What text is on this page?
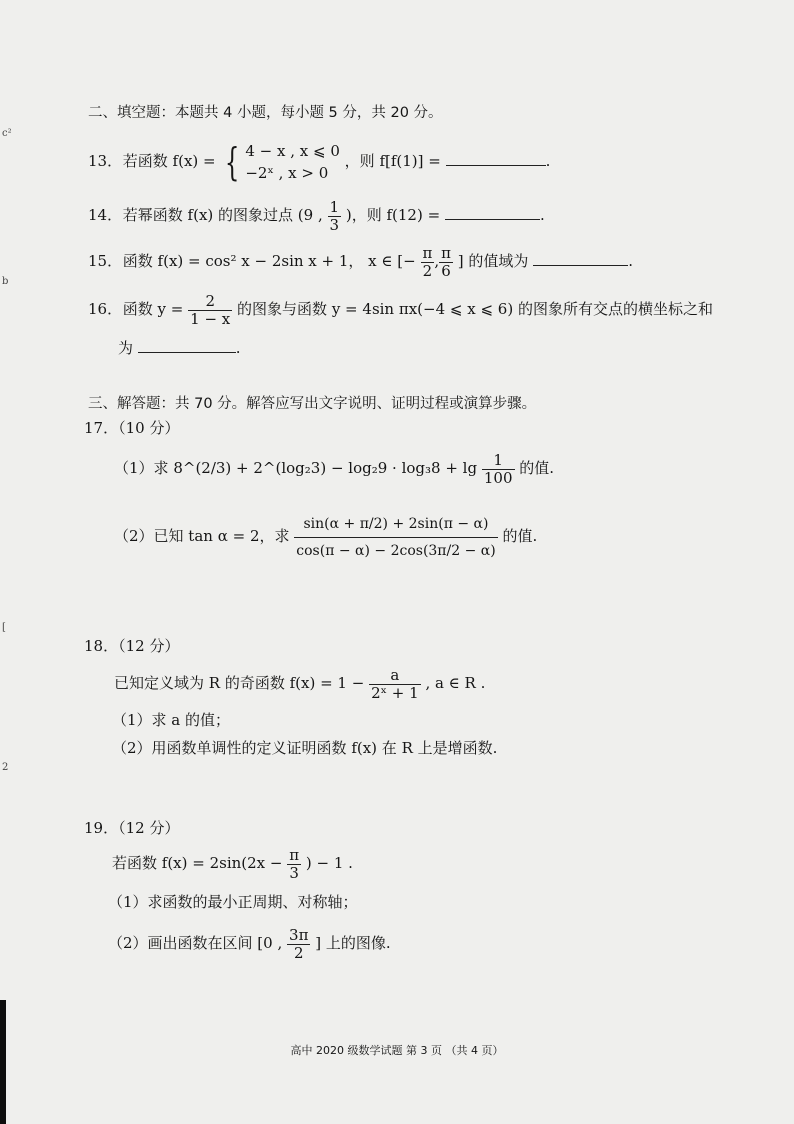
c²
b
[
2
二、填空题：本题共 4 小题，每小题 5 分，共 20 分。
13． 若函数 f(x) = { 4 − x , x ⩽ 0
−2ˣ , x > 0
，则 f[f(1)] =	.
14． 若幂函数 f(x) 的图象过点 (9 , $\frac{1}{3}$ )，则 f(12) =	.
15． 函数 f(x) = cos² x − 2sin x + 1， x ∈ [− $\frac{\pi}{2}$ , $\frac{\pi}{6}$ ] 的值域为	.
16． 函数 $y = \frac{2}{1 - x}$ 的图象与函数 y = 4sin πx(−4 ⩽ x ⩽ 6) 的图象所有交点的横坐标之和
为	.
三、解答题：共 70 分。解答应写出文字说明、证明过程或演算步骤。
17．（10 分）
（1）求 8^(2/3) + 2^(log₂3) − $\log_29 \cdot \log_38 + \lg \frac{1}{100}$ 的值.
（2）已知 tan α = 2，求 $\frac{\sin(\alpha + \pi/2) + 2\sin(\pi - \alpha)}{\cos(\pi - \alpha) - 2\cos(3\pi/2 - \alpha)}$ 的值.
18．（12 分）
已知定义域为 R 的奇函数 $f(x) = 1 - \frac{a}{\text{2ˣ + 1}}$ , a ∈ R .
（1）求 a 的值；
（2）用函数单调性的定义证明函数 f(x) 在 R 上是增函数.
19．（12 分）
若函数 $f(x) = 2\sin(2x - \frac{\pi}{3}$ ) − 1 .
（1）求函数的最小正周期、对称轴；
（2）画出函数在区间 [0 , $\frac{3\pi}{2}$ ] 上的图像.
高中 2020 级数学试题 第 3 页 （共 4 页）
